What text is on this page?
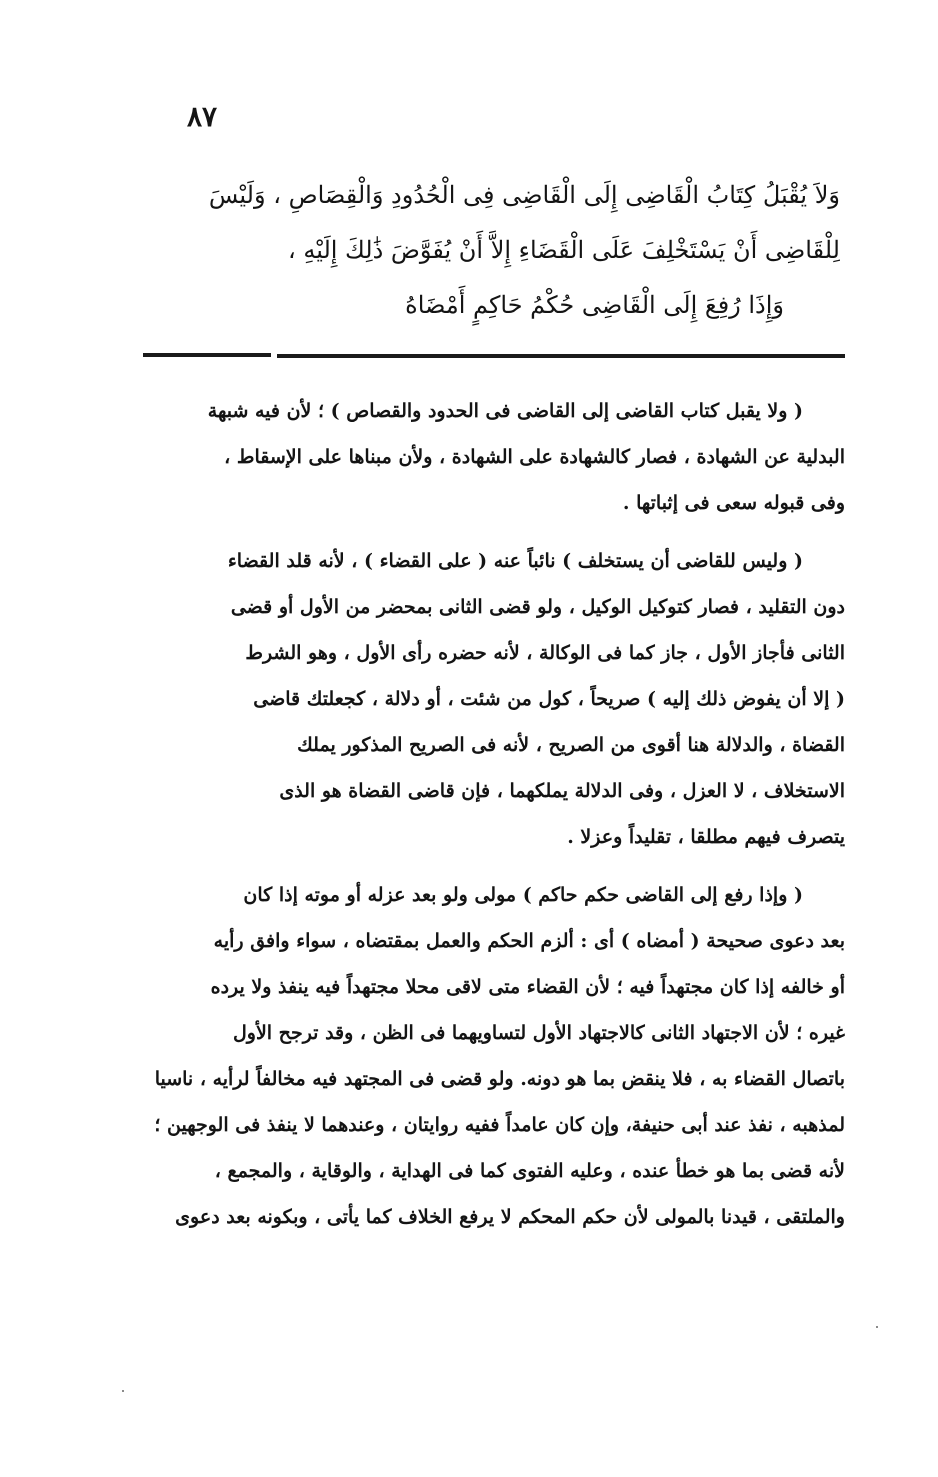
٨٧
وَلاَ يُقْبَلُ كِتَابُ الْقَاضِى إِلَى الْقَاضِى فِى الْحُدُودِ وَالْقِصَاصِ ، وَلَيْسَ
لِلْقَاضِى أَنْ يَسْتَخْلِفَ عَلَى الْقَضَاءِ إِلاَّ أَنْ يُفَوَّضَ ذَٰلِكَ إِلَيْهِ ،
وَإِذَا رُفِعَ إِلَى الْقَاضِى حُكْمُ حَاكِمٍ أَمْضَاهُ
( ولا يقبل كتاب القاضى إلى القاضى فى الحدود والقصاص ) ؛ لأن فيه شبهة
البدلية عن الشهادة ، فصار كالشهادة على الشهادة ، ولأن مبناها على الإسقاط ،
وفى قبوله سعى فى إثباتها .
( وليس للقاضى أن يستخلف ) نائباً عنه ( على القضاء ) ، لأنه قلد القضاء
دون التقليد ، فصار كتوكيل الوكيل ، ولو قضى الثانى بمحضر من الأول أو قضى
الثانى فأجاز الأول ، جاز كما فى الوكالة ، لأنه حضره رأى الأول ، وهو الشرط
( إلا أن يفوض ذلك إليه ) صريحاً ، كول من شئت ، أو دلالة ، كجعلتك قاضى
القضاة ، والدلالة هنا أقوى من الصريح ، لأنه فى الصريح المذكور يملك
الاستخلاف ، لا العزل ، وفى الدلالة يملكهما ، فإن قاضى القضاة هو الذى
يتصرف فيهم مطلقا ، تقليداً وعزلا .
( وإذا رفع إلى القاضى حكم حاكم ) مولى ولو بعد عزله أو موته إذا كان
بعد دعوى صحيحة ( أمضاه ) أى : ألزم الحكم والعمل بمقتضاه ، سواء وافق رأيه
أو خالفه إذا كان مجتهداً فيه ؛ لأن القضاء متى لاقى محلا مجتهداً فيه ينفذ ولا يرده
غيره ؛ لأن الاجتهاد الثانى كالاجتهاد الأول لتساويهما فى الظن ، وقد ترجح الأول
باتصال القضاء به ، فلا ينقض بما هو دونه. ولو قضى فى المجتهد فيه مخالفاً لرأيه ، ناسيا
لمذهبه ، نفذ عند أبى حنيفة، وإن كان عامداً ففيه روايتان ، وعندهما لا ينفذ فى الوجهين ؛
لأنه قضى بما هو خطأ عنده ، وعليه الفتوى كما فى الهداية ، والوقاية ، والمجمع ،
والملتقى ، قيدنا بالمولى لأن حكم المحكم لا يرفع الخلاف كما يأتى ، وبكونه بعد دعوى
